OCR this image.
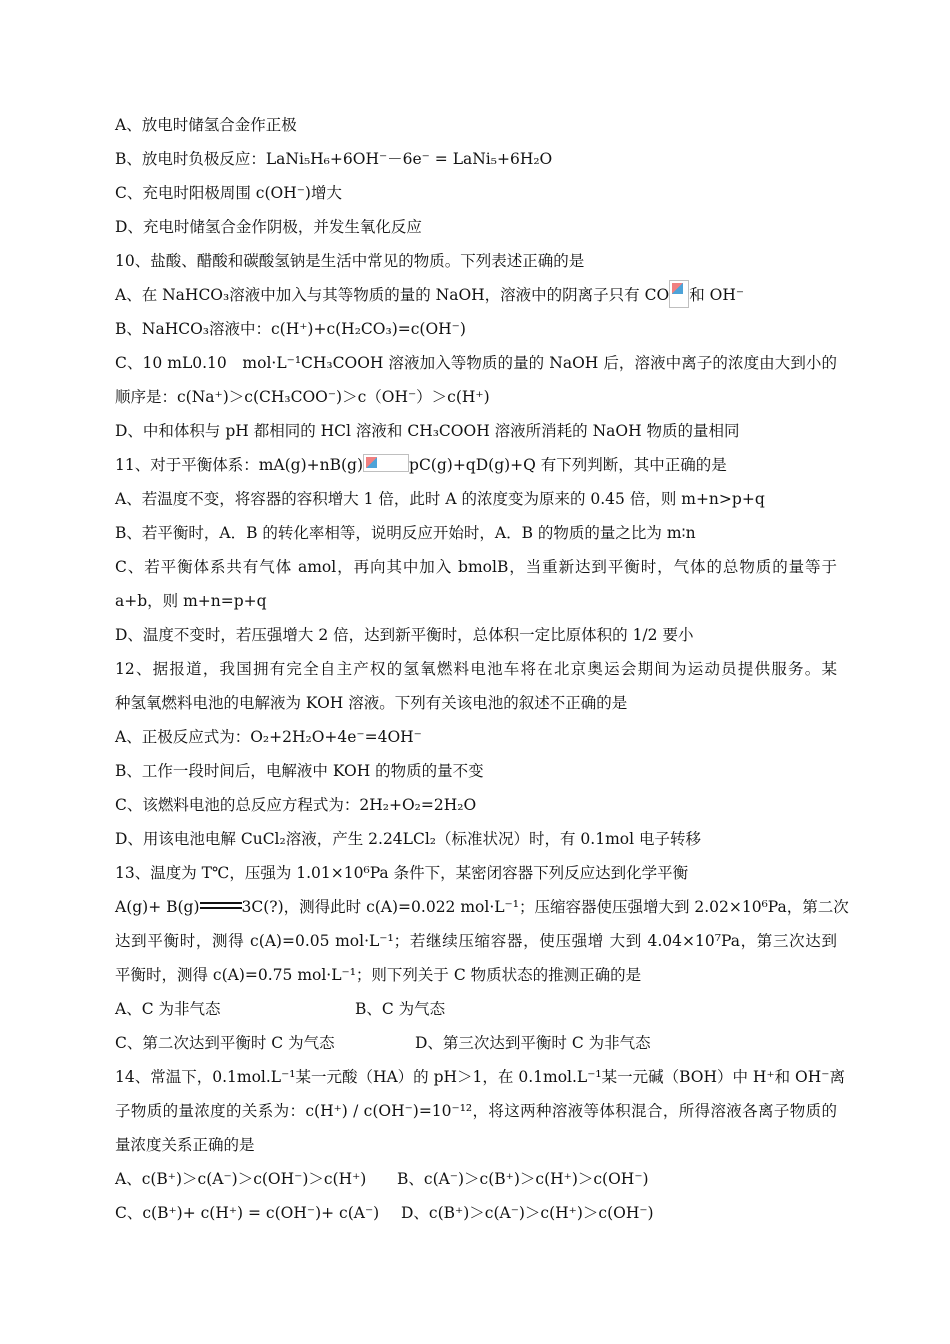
A、放电时储氢合金作正极
B、放电时负极反应：LaNi₅H₆+6OH⁻－6e⁻ = LaNi₅+6H₂O
C、充电时阳极周围 c(OH⁻)增大
D、充电时储氢合金作阴极，并发生氧化反应
10、盐酸、醋酸和碳酸氢钠是生活中常见的物质。下列表述正确的是
A、在 NaHCO₃溶液中加入与其等物质的量的 NaOH，溶液中的阴离子只有 CO 和 OH⁻
B、NaHCO₃溶液中：c(H⁺)+c(H₂CO₃)=c(OH⁻)
C、10 mL0.10　mol·L⁻¹CH₃COOH 溶液加入等物质的量的 NaOH 后，溶液中离子的浓度由大到小的
顺序是：c(Na⁺)＞c(CH₃COO⁻)＞c（OH⁻）＞c(H⁺)
D、中和体积与 pH 都相同的 HCl 溶液和 CH₃COOH 溶液所消耗的 NaOH 物质的量相同
11、对于平衡体系：mA(g)+nB(g)	pC(g)+qD(g)+Q 有下列判断，其中正确的是
A、若温度不变，将容器的容积增大 1 倍，此时 A 的浓度变为原来的 0.45 倍，则 m+n>p+q
B、若平衡时，A．B 的转化率相等，说明反应开始时，A．B 的物质的量之比为 m∶n
C、若平衡体系共有气体 amol，再向其中加入 bmolB，当重新达到平衡时，气体的总物质的量等于
a+b，则 m+n=p+q
D、温度不变时，若压强增大 2 倍，达到新平衡时，总体积一定比原体积的 1/2 要小
12、据报道，我国拥有完全自主产权的氢氧燃料电池车将在北京奥运会期间为运动员提供服务。某
种氢氧燃料电池的电解液为 KOH 溶液。下列有关该电池的叙述不正确的是
A、正极反应式为：O₂+2H₂O+4e⁻=4OH⁻
B、工作一段时间后，电解液中 KOH 的物质的量不变
C、该燃料电池的总反应方程式为：2H₂+O₂=2H₂O
D、用该电池电解 CuCl₂溶液，产生 2.24LCl₂（标准状况）时，有 0.1mol 电子转移
13、温度为 T℃，压强为 1.01×10⁶Pa 条件下，某密闭容器下列反应达到化学平衡
A(g)+ B(g)	3C(?)，测得此时 c(A)=0.022 mol·L⁻¹；压缩容器使压强增大到 2.02×10⁶Pa，第二次
达到平衡时，测得 c(A)=0.05 mol·L⁻¹；若继续压缩容器，使压强增 大到 4.04×10⁷Pa，第三次达到
平衡时，测得 c(A)=0.75 mol·L⁻¹；则下列关于 C 物质状态的推测正确的是
A、C 为非气态	B、C 为气态
C、第二次达到平衡时 C 为气态	D、第三次达到平衡时 C 为非气态
14、常温下，0.1mol.L⁻¹某一元酸（HA）的 pH＞1，在 0.1mol.L⁻¹某一元碱（BOH）中 H⁺和 OH⁻离
子物质的量浓度的关系为：c(H⁺) / c(OH⁻)=10⁻¹²，将这两种溶液等体积混合，所得溶液各离子物质的
量浓度关系正确的是
A、c(B⁺)＞c(A⁻)＞c(OH⁻)＞c(H⁺)	B、c(A⁻)＞c(B⁺)＞c(H⁺)＞c(OH⁻)
C、c(B⁺)+ c(H⁺) = c(OH⁻)+ c(A⁻)	D、c(B⁺)＞c(A⁻)＞c(H⁺)＞c(OH⁻)
